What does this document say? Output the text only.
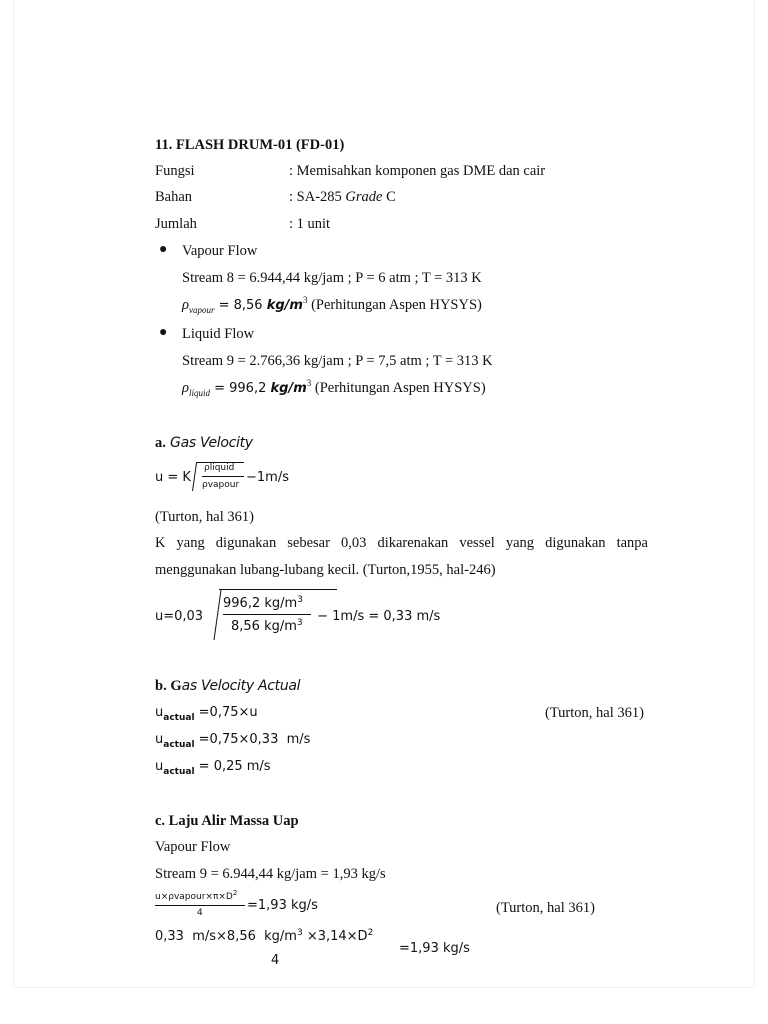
11. FLASH DRUM-01 (FD-01)
Fungsi	: Memisahkan komponen gas DME dan cair
Bahan	: SA-285 Grade C
Jumlah	: 1 unit
● Vapour Flow
Stream 8 = 6.944,44 kg/jam ; P = 6 atm ; T = 313 K
$\rho_{vapour} = 8,56$ $kg/m^3$ (Perhitungan Aspen HYSYS)
● Liquid Flow
Stream 9 = 2.766,36 kg/jam ; P = 7,5 atm ; T = 313 K
$\rho_{liquid} = 996,2$ $kg/m^3$ (Perhitungan Aspen HYSYS)
a. Gas Velocity
u = K
ρliquid
ρvapour −1m/s
(Turton, hal 361)
K yang digunakan sebesar 0,03 dikarenakan vessel yang digunakan tanpa
menggunakan lubang-lubang kecil. (Turton,1955, hal-246)
u=0,03
996,2 $kg/m^3$
8,56 $kg/m^3 - 1m/s = 0,33$ m/s
b. Gas Velocity Actual
$u_{actual} =0,75\times u$	(Turton, hal 361)
$u_{actual} =0,75\times 0,33$  m/s
$u_{actual} = 0,25$ m/s
c. Laju Alir Massa Uap
Vapour Flow
Stream 9 = 6.944,44 kg/jam = 1,93 kg/s
$u\times\rho vapour\times\pi\times D^2$
4	=1,93 kg/s	(Turton, hal 361)
0,33  m/s×8,56  $kg/m^3 \times 3,14\times D^2$
4
=1,93 kg/s
